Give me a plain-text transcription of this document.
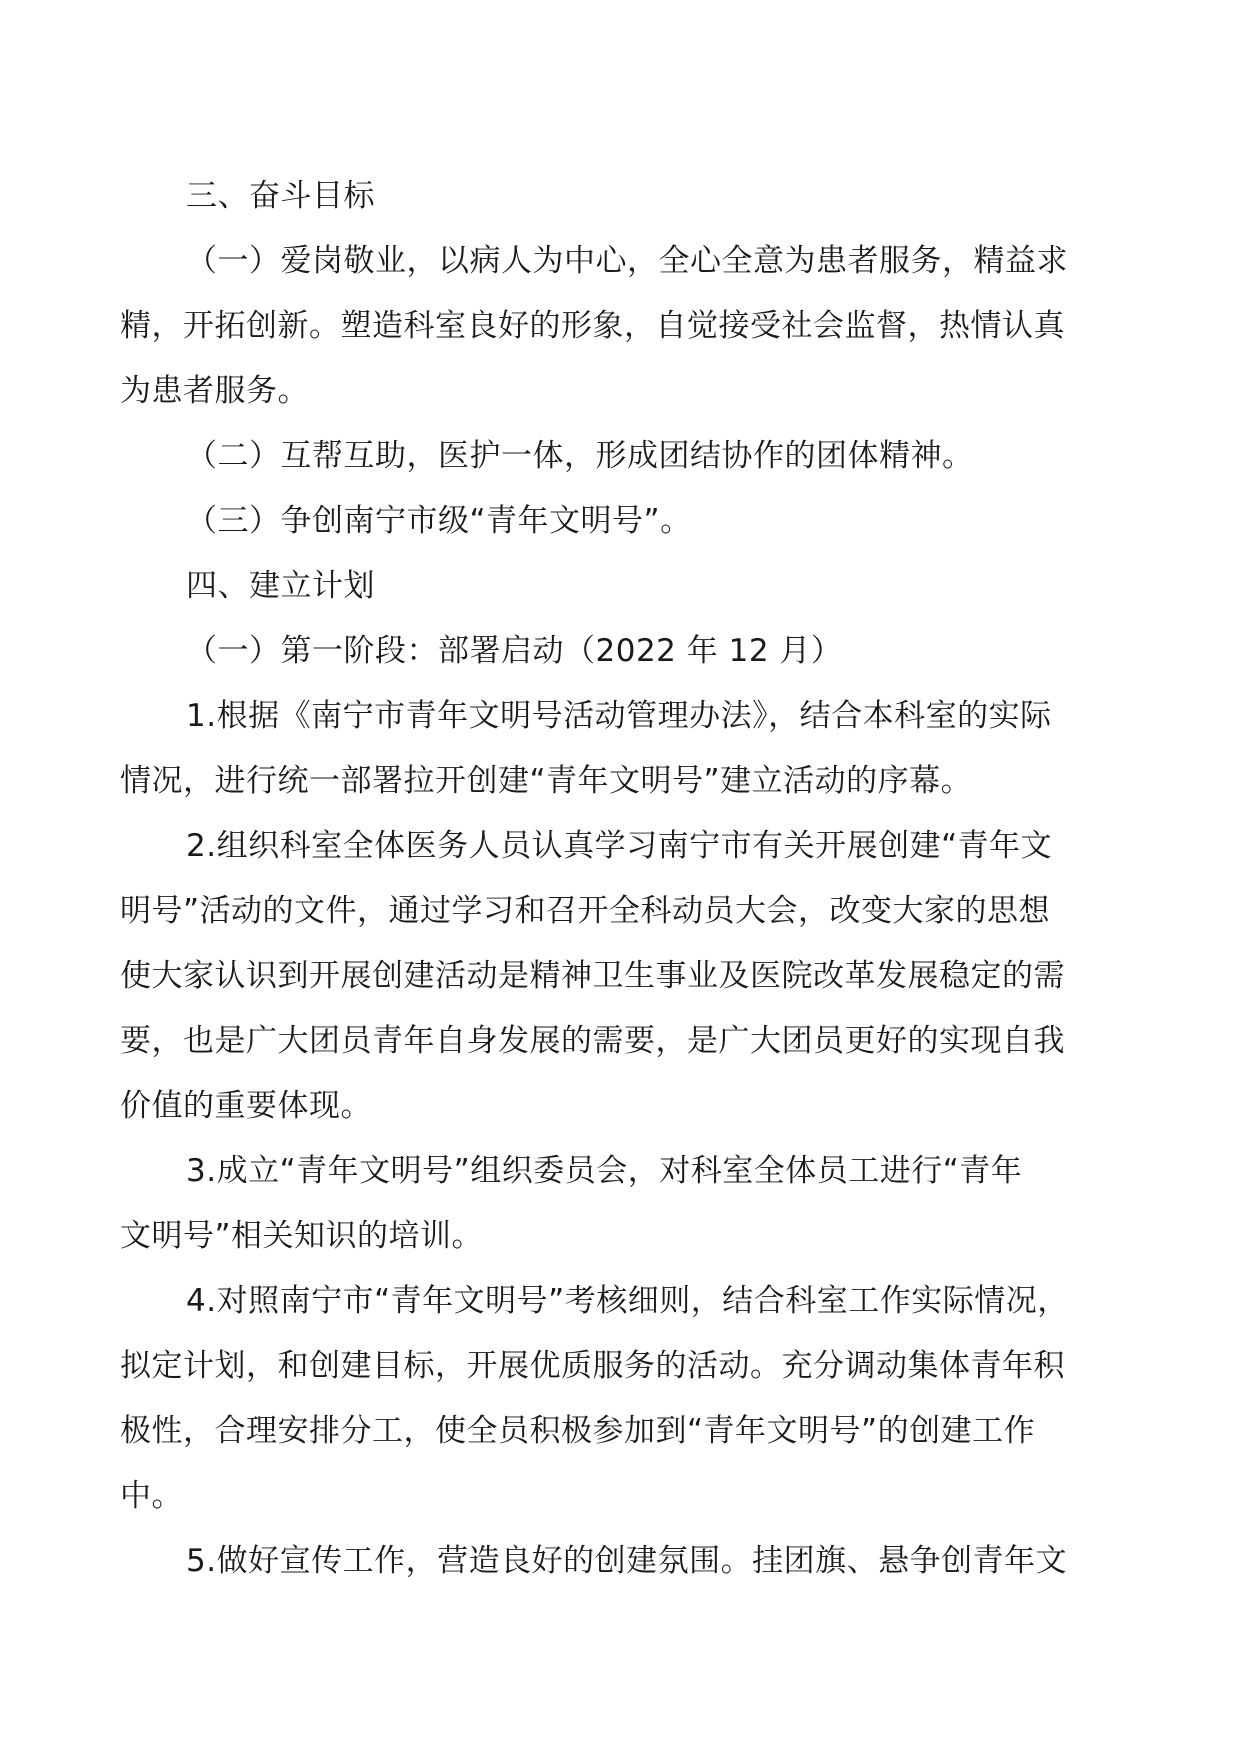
三、奋斗目标
（一）爱岗敬业，以病人为中心，全心全意为患者服务，精益求
精，开拓创新。塑造科室良好的形象，自觉接受社会监督，热情认真
为患者服务。
（二）互帮互助，医护一体，形成团结协作的团体精神。
（三）争创南宁市级“青年文明号”。
四、建立计划
（一）第一阶段：部署启动（2022 年 12 月）
1.根据《南宁市青年文明号活动管理办法》，结合本科室的实际
情况，进行统一部署拉开创建“青年文明号”建立活动的序幕。
2.组织科室全体医务人员认真学习南宁市有关开展创建“青年文
明号”活动的文件，通过学习和召开全科动员大会，改变大家的思想
使大家认识到开展创建活动是精神卫生事业及医院改革发展稳定的需
要，也是广大团员青年自身发展的需要，是广大团员更好的实现自我
价值的重要体现。
3.成立“青年文明号”组织委员会，对科室全体员工进行“青年
文明号”相关知识的培训。
4.对照南宁市“青年文明号”考核细则，结合科室工作实际情况，
拟定计划，和创建目标，开展优质服务的活动。充分调动集体青年积
极性，合理安排分工，使全员积极参加到“青年文明号”的创建工作
中。
5.做好宣传工作，营造良好的创建氛围。挂团旗、悬争创青年文
